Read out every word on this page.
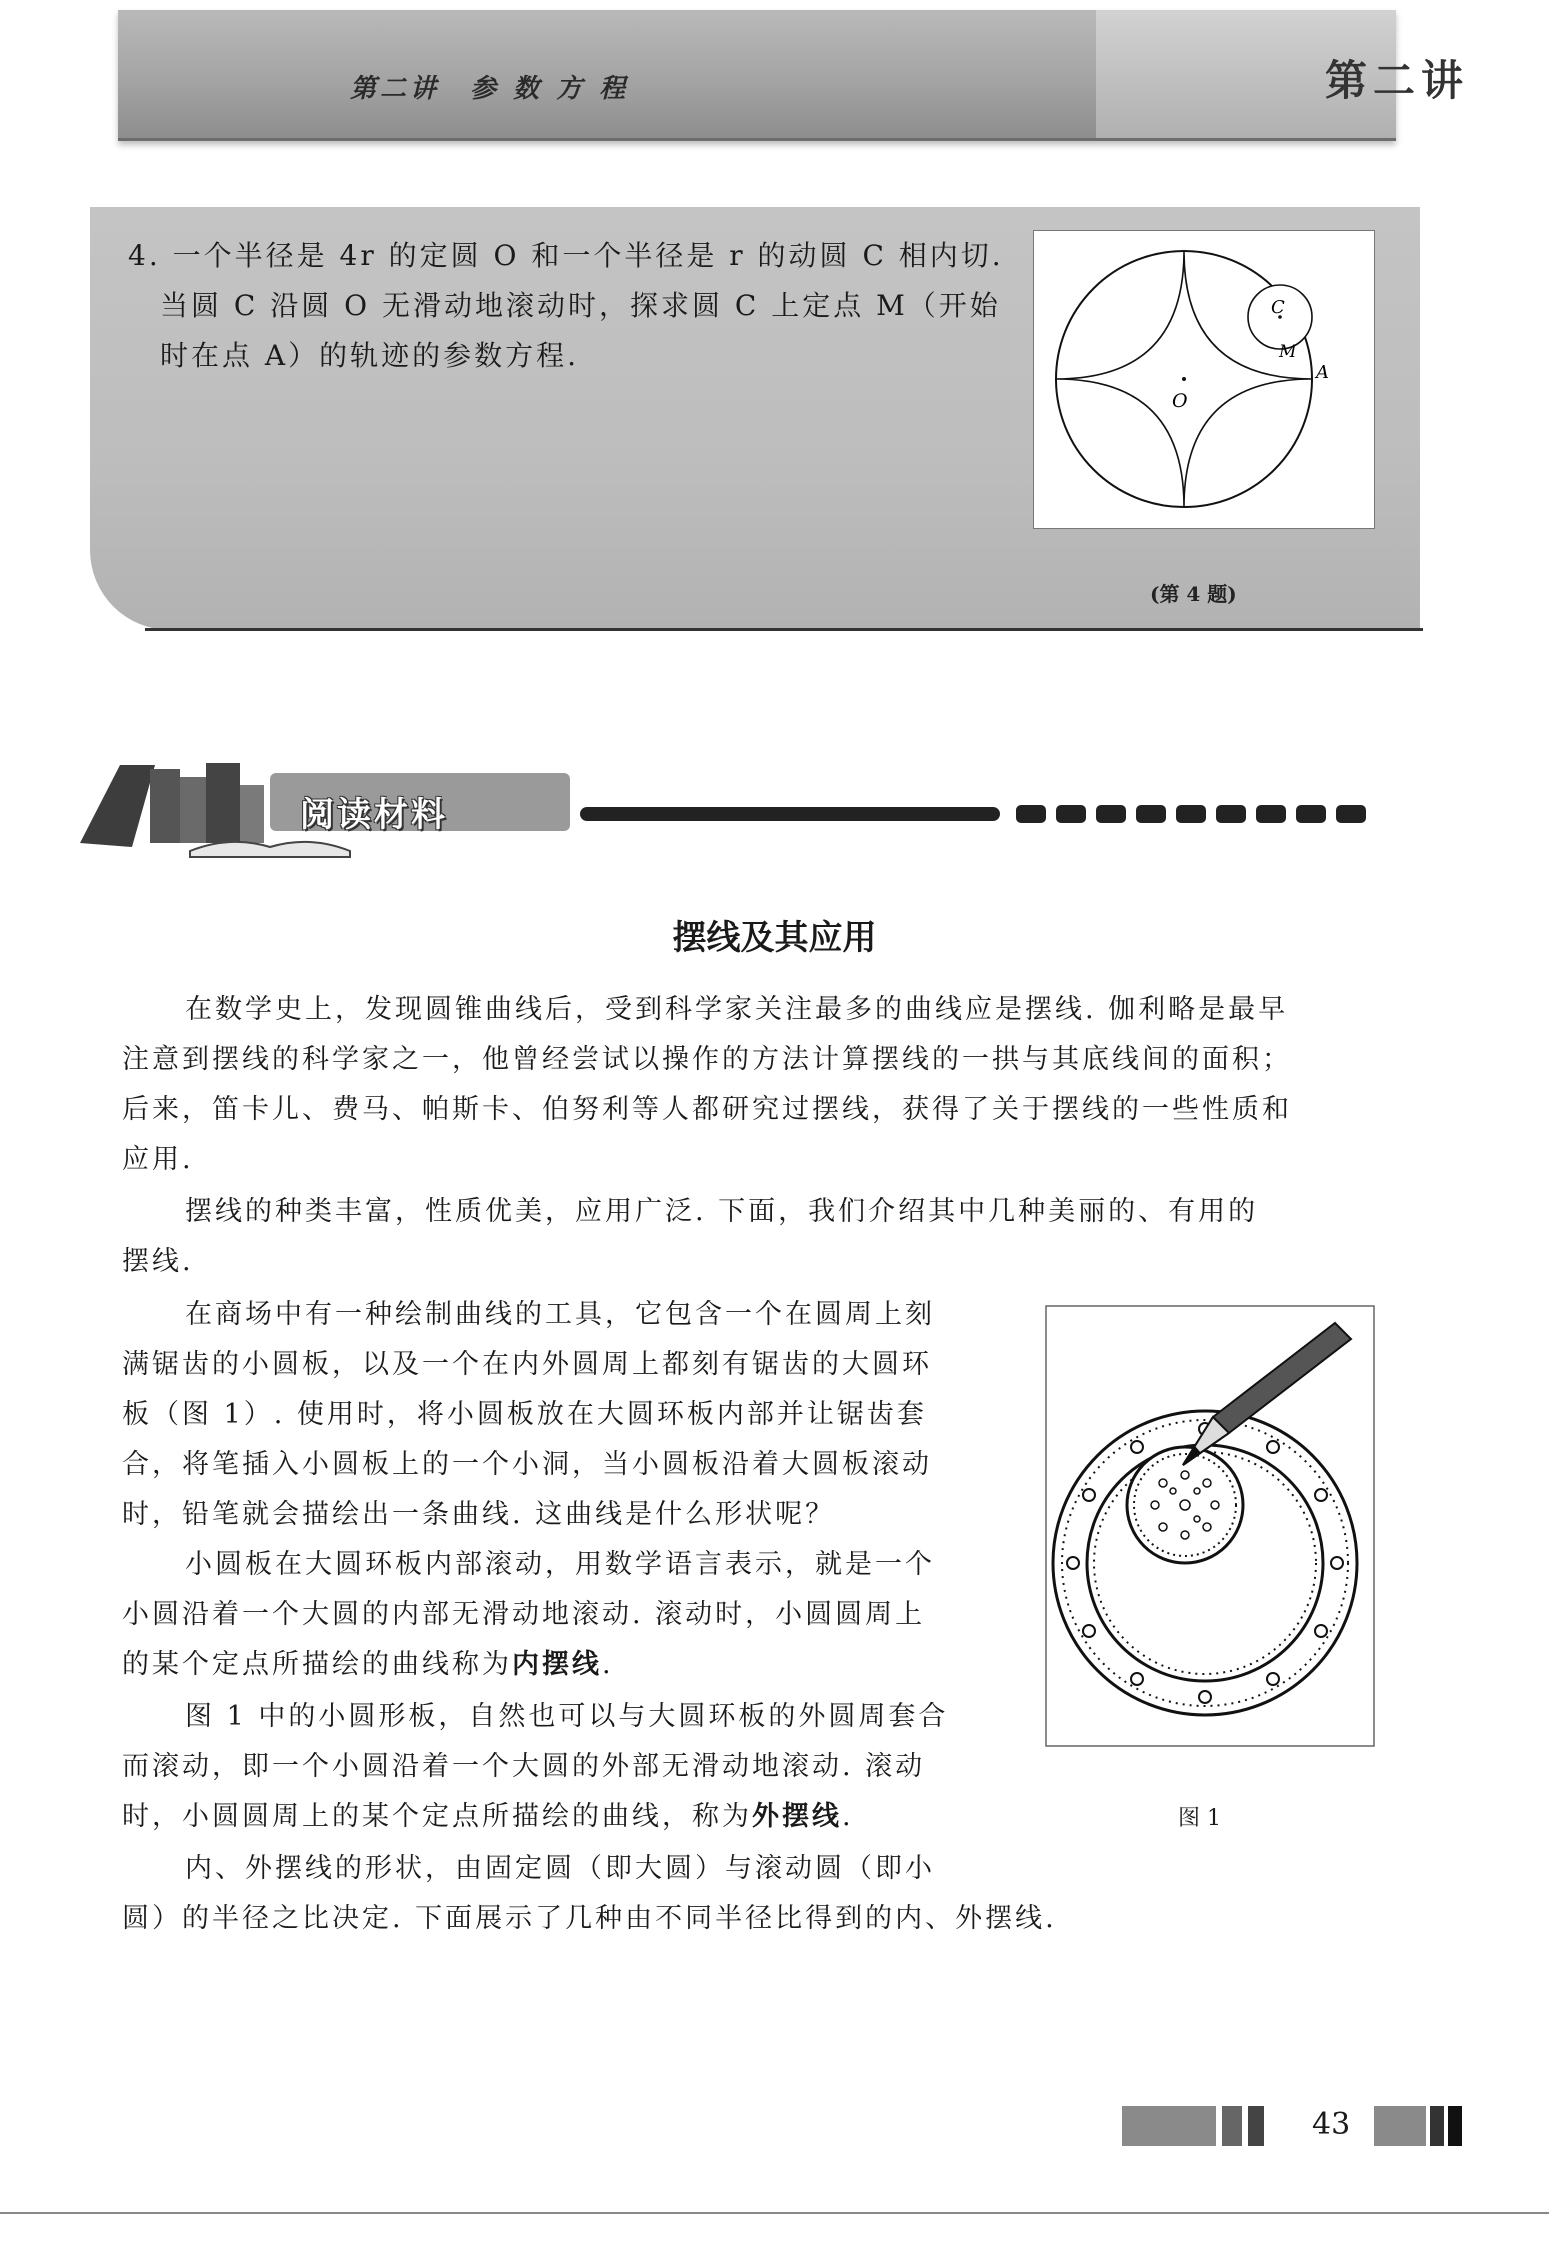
第二讲　参 数 方 程	第二讲
4. 一个半径是 4r 的定圆 O 和一个半径是 r 的动圆 C 相内切.
当圆 C 沿圆 O 无滑动地滚动时，探求圆 C 上定点 M（开始
时在点 A）的轨迹的参数方程.
O
C
M
A
(第 4 题)
阅读材料
摆线及其应用
在数学史上，发现圆锥曲线后，受到科学家关注最多的曲线应是摆线. 伽利略是最早
注意到摆线的科学家之一，他曾经尝试以操作的方法计算摆线的一拱与其底线间的面积；
后来，笛卡儿、费马、帕斯卡、伯努利等人都研究过摆线，获得了关于摆线的一些性质和
应用.
摆线的种类丰富，性质优美，应用广泛. 下面，我们介绍其中几种美丽的、有用的
摆线.
在商场中有一种绘制曲线的工具，它包含一个在圆周上刻
满锯齿的小圆板，以及一个在内外圆周上都刻有锯齿的大圆环
板（图 1）. 使用时，将小圆板放在大圆环板内部并让锯齿套
合，将笔插入小圆板上的一个小洞，当小圆板沿着大圆板滚动
时，铅笔就会描绘出一条曲线. 这曲线是什么形状呢？
小圆板在大圆环板内部滚动，用数学语言表示，就是一个
小圆沿着一个大圆的内部无滑动地滚动. 滚动时，小圆圆周上
的某个定点所描绘的曲线称为内摆线.
图 1 中的小圆形板，自然也可以与大圆环板的外圆周套合
而滚动，即一个小圆沿着一个大圆的外部无滑动地滚动. 滚动
时，小圆圆周上的某个定点所描绘的曲线，称为外摆线.
内、外摆线的形状，由固定圆（即大圆）与滚动圆（即小
圆）的半径之比决定. 下面展示了几种由不同半径比得到的内、外摆线.
图 1
43
